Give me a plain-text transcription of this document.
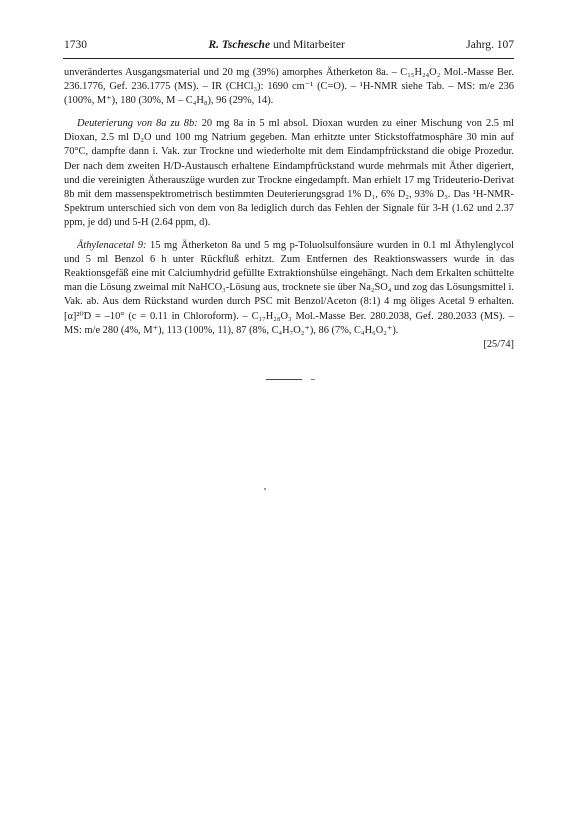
1730	R. Tschesche und Mitarbeiter	Jahrg. 107

unverändertes Ausgangsmaterial und 20 mg (39%) amorphes Ätherketon 8a. – C₁₅H₂₄O₂ Mol.-Masse Ber. 236.1776, Gef. 236.1775 (MS). – IR (CHCl₃): 1690 cm⁻¹ (C=O). – ¹H-NMR siehe Tab. – MS: m/e 236 (100%, M⁺), 180 (30%, M – C₄H₈), 96 (29%, 14).

Deuterierung von 8a zu 8b: 20 mg 8a in 5 ml absol. Dioxan wurden zu einer Mischung von 2.5 ml Dioxan, 2.5 ml D₂O und 100 mg Natrium gegeben. Man erhitzte unter Stickstoffatmosphäre 30 min auf 70°C, dampfte dann i. Vak. zur Trockne und wiederholte mit dem Eindampfrückstand die obige Prozedur. Der nach dem zweiten H/D-Austausch erhaltene Eindampfrückstand wurde mehrmals mit Äther digeriert, und die vereinigten Ätherauszüge wurden zur Trockne eingedampft. Man erhielt 17 mg Trideuterio-Derivat 8b mit dem massenspektrometrisch bestimmten Deuterierungsgrad 1% D₁, 6% D₂, 93% D₃. Das ¹H-NMR-Spektrum unterschied sich von dem von 8a lediglich durch das Fehlen der Signale für 3-H (1.62 und 2.37 ppm, je dd) und 5-H (2.64 ppm, d).

Äthylenacetal 9: 15 mg Ätherketon 8a und 5 mg p-Toluolsulfonsäure wurden in 0.1 ml Äthylenglycol und 5 ml Benzol 6 h unter Rückfluß erhitzt. Zum Entfernen des Reaktionswassers wurde in das Reaktionsgefäß eine mit Calciumhydrid gefüllte Extraktionshülse eingehängt. Nach dem Erkalten schüttelte man die Lösung zweimal mit NaHCO₃-Lösung aus, trocknete sie über Na₂SO₄ und zog das Lösungsmittel i. Vak. ab. Aus dem Rückstand wurden durch PSC mit Benzol/Aceton (8:1) 4 mg öliges Acetal 9 erhalten. [α]²⁰D = –10° (c = 0.11 in Chloroform). – C₁₇H₂₈O₃ Mol.-Masse Ber. 280.2038, Gef. 280.2033 (MS). – MS: m/e 280 (4%, M⁺), 113 (100%, 11), 87 (8%, C₄H₇O₂⁺), 86 (7%, C₄H₆O₂⁺).

[25/74]
